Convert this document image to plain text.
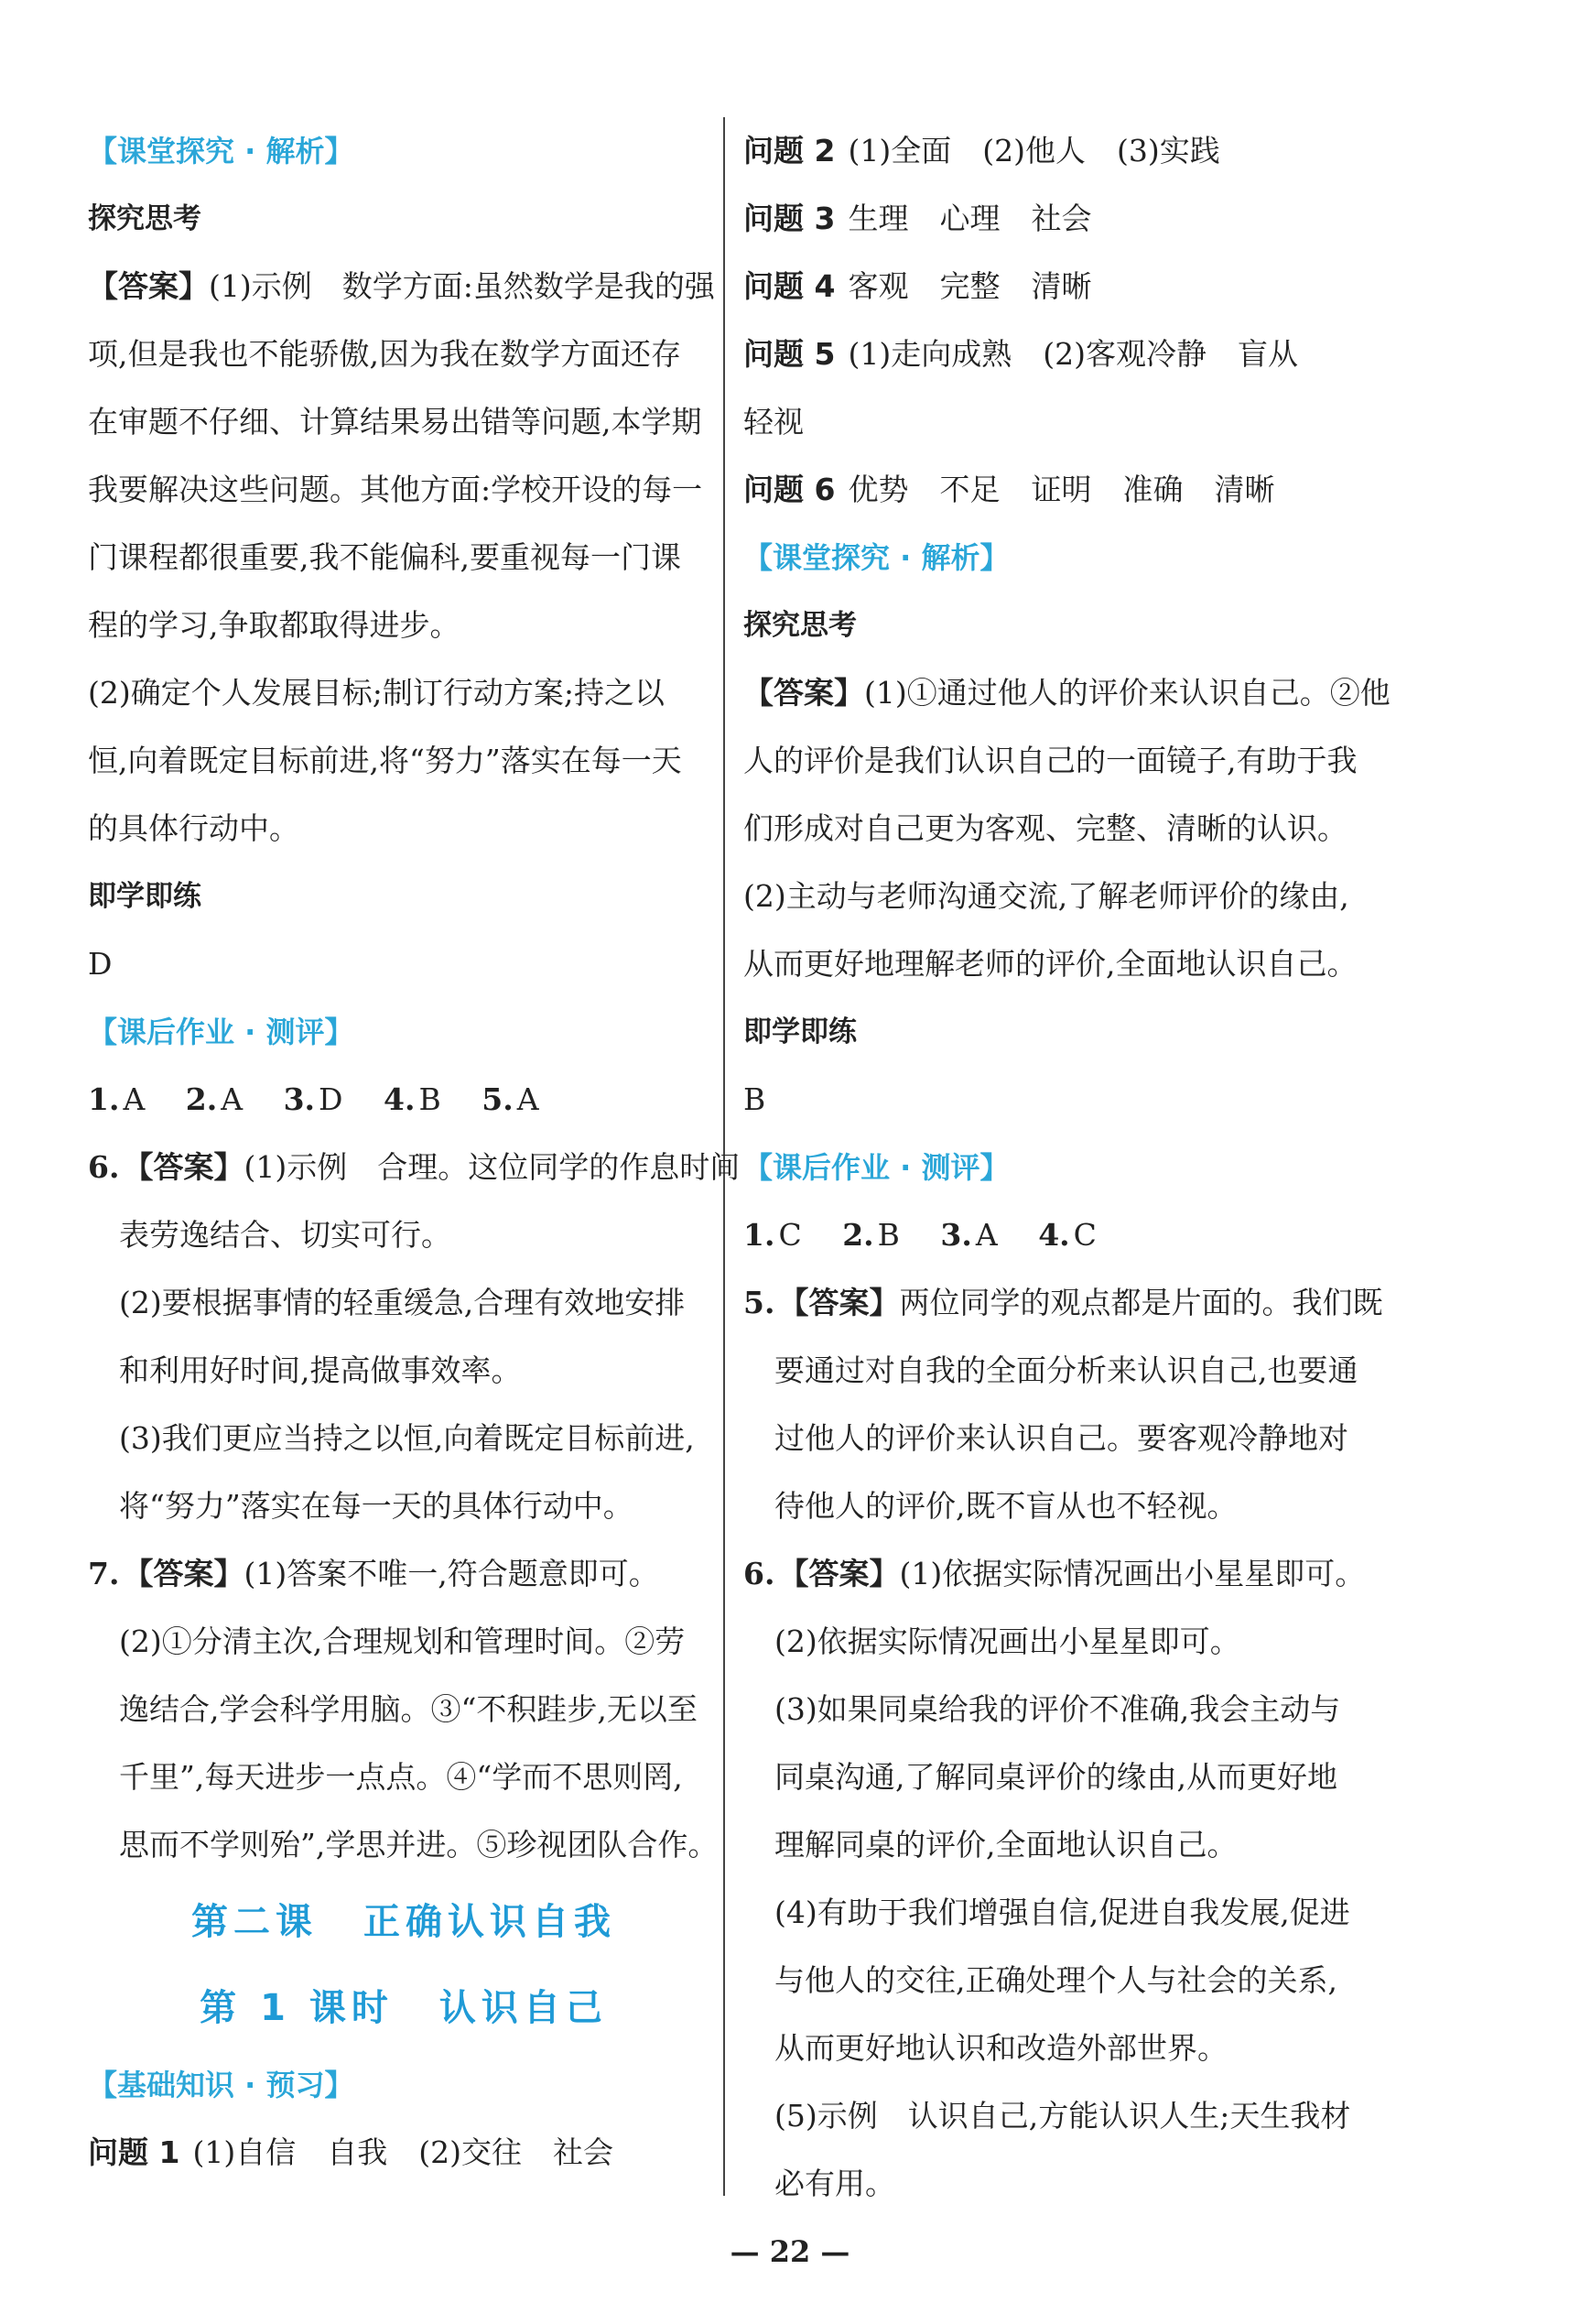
【课堂探究 · 解析】
探究思考
【答案】(1)示例　数学方面:虽然数学是我的强
项,但是我也不能骄傲,因为我在数学方面还存
在审题不仔细、计算结果易出错等问题,本学期
我要解决这些问题。其他方面:学校开设的每一
门课程都很重要,我不能偏科,要重视每一门课
程的学习,争取都取得进步。
(2)确定个人发展目标;制订行动方案;持之以
恒,向着既定目标前进,将“努力”落实在每一天
的具体行动中。
即学即练
D
【课后作业 · 测评】
1. A 2. A 3. D 4. B 5. A
6. 【答案】(1)示例　合理。这位同学的作息时间
表劳逸结合、切实可行。
(2)要根据事情的轻重缓急,合理有效地安排
和利用好时间,提高做事效率。
(3)我们更应当持之以恒,向着既定目标前进,
将“努力”落实在每一天的具体行动中。
7. 【答案】(1)答案不唯一,符合题意即可。
(2)①分清主次,合理规划和管理时间。②劳
逸结合,学会科学用脑。③“不积跬步,无以至
千里”,每天进步一点点。④“学而不思则罔,
思而不学则殆”,学思并进。⑤珍视团队合作。
第二课 正确认识自我
第 1 课时 认识自己
【基础知识 · 预习】
问题 1 (1)自信 自我 (2)交往 社会
问题 2 (1)全面 (2)他人 (3)实践
问题 3 生理 心理 社会
问题 4 客观 完整 清晰
问题 5 (1)走向成熟 (2)客观冷静 盲从
轻视
问题 6 优势 不足 证明 准确 清晰
【课堂探究 · 解析】
探究思考
【答案】(1)①通过他人的评价来认识自己。②他
人的评价是我们认识自己的一面镜子,有助于我
们形成对自己更为客观、完整、清晰的认识。
(2)主动与老师沟通交流,了解老师评价的缘由,
从而更好地理解老师的评价,全面地认识自己。
即学即练
B
【课后作业 · 测评】
1. C 2. B 3. A 4. C
5. 【答案】两位同学的观点都是片面的。我们既
要通过对自我的全面分析来认识自己,也要通
过他人的评价来认识自己。要客观冷静地对
待他人的评价,既不盲从也不轻视。
6. 【答案】(1)依据实际情况画出小星星即可。
(2)依据实际情况画出小星星即可。
(3)如果同桌给我的评价不准确,我会主动与
同桌沟通,了解同桌评价的缘由,从而更好地
理解同桌的评价,全面地认识自己。
(4)有助于我们增强自信,促进自我发展,促进
与他人的交往,正确处理个人与社会的关系,
从而更好地认识和改造外部世界。
(5)示例　认识自己,方能认识人生;天生我材
必有用。
— 22 —
